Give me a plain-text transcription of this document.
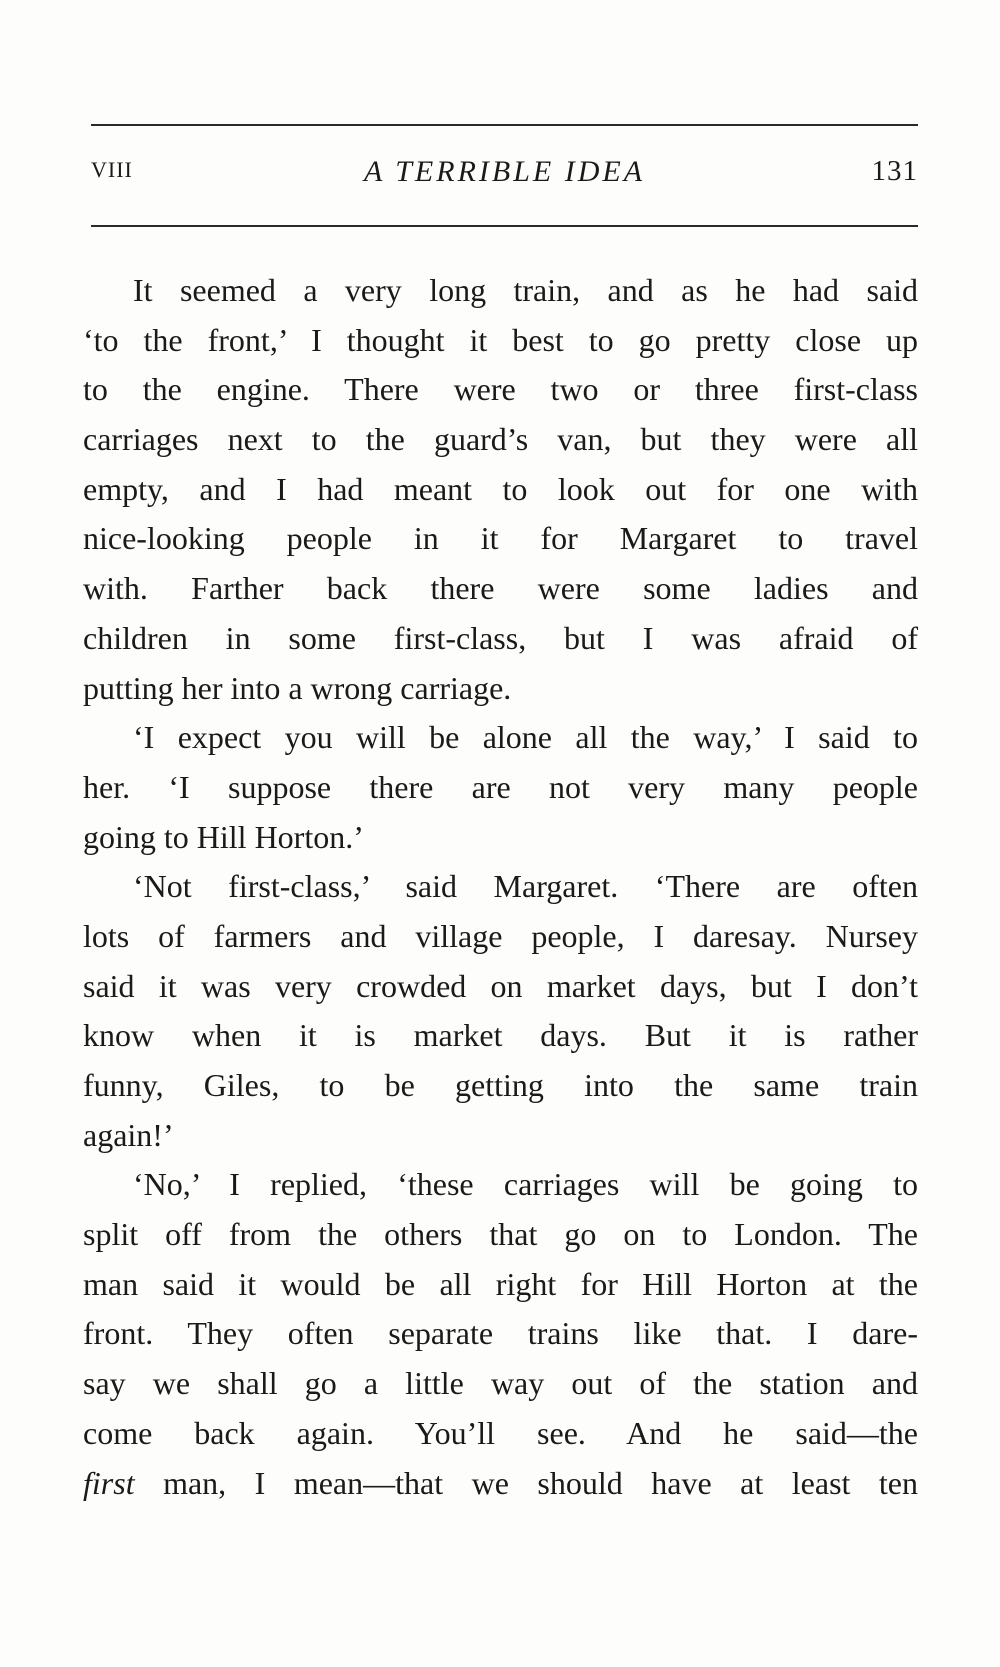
VIII	A TERRIBLE IDEA	131
It seemed a very long train, and as he had said
‘to the front,’ I thought it best to go pretty close up
to the engine. There were two or three first-class
carriages next to the guard’s van, but they were all
empty, and I had meant to look out for one with
nice-looking people in it for Margaret to travel
with. Farther back there were some ladies and
children in some first-class, but I was afraid of
putting her into a wrong carriage.
‘I expect you will be alone all the way,’ I said to
her. ‘I suppose there are not very many people
going to Hill Horton.’
‘Not first-class,’ said Margaret. ‘There are often
lots of farmers and village people, I daresay. Nursey
said it was very crowded on market days, but I don’t
know when it is market days. But it is rather
funny, Giles, to be getting into the same train
again!’
‘No,’ I replied, ‘these carriages will be going to
split off from the others that go on to London. The
man said it would be all right for Hill Horton at the
front. They often separate trains like that. I dare-
say we shall go a little way out of the station and
come back again. You’ll see. And he said—the
first man, I mean—that we should have at least ten
